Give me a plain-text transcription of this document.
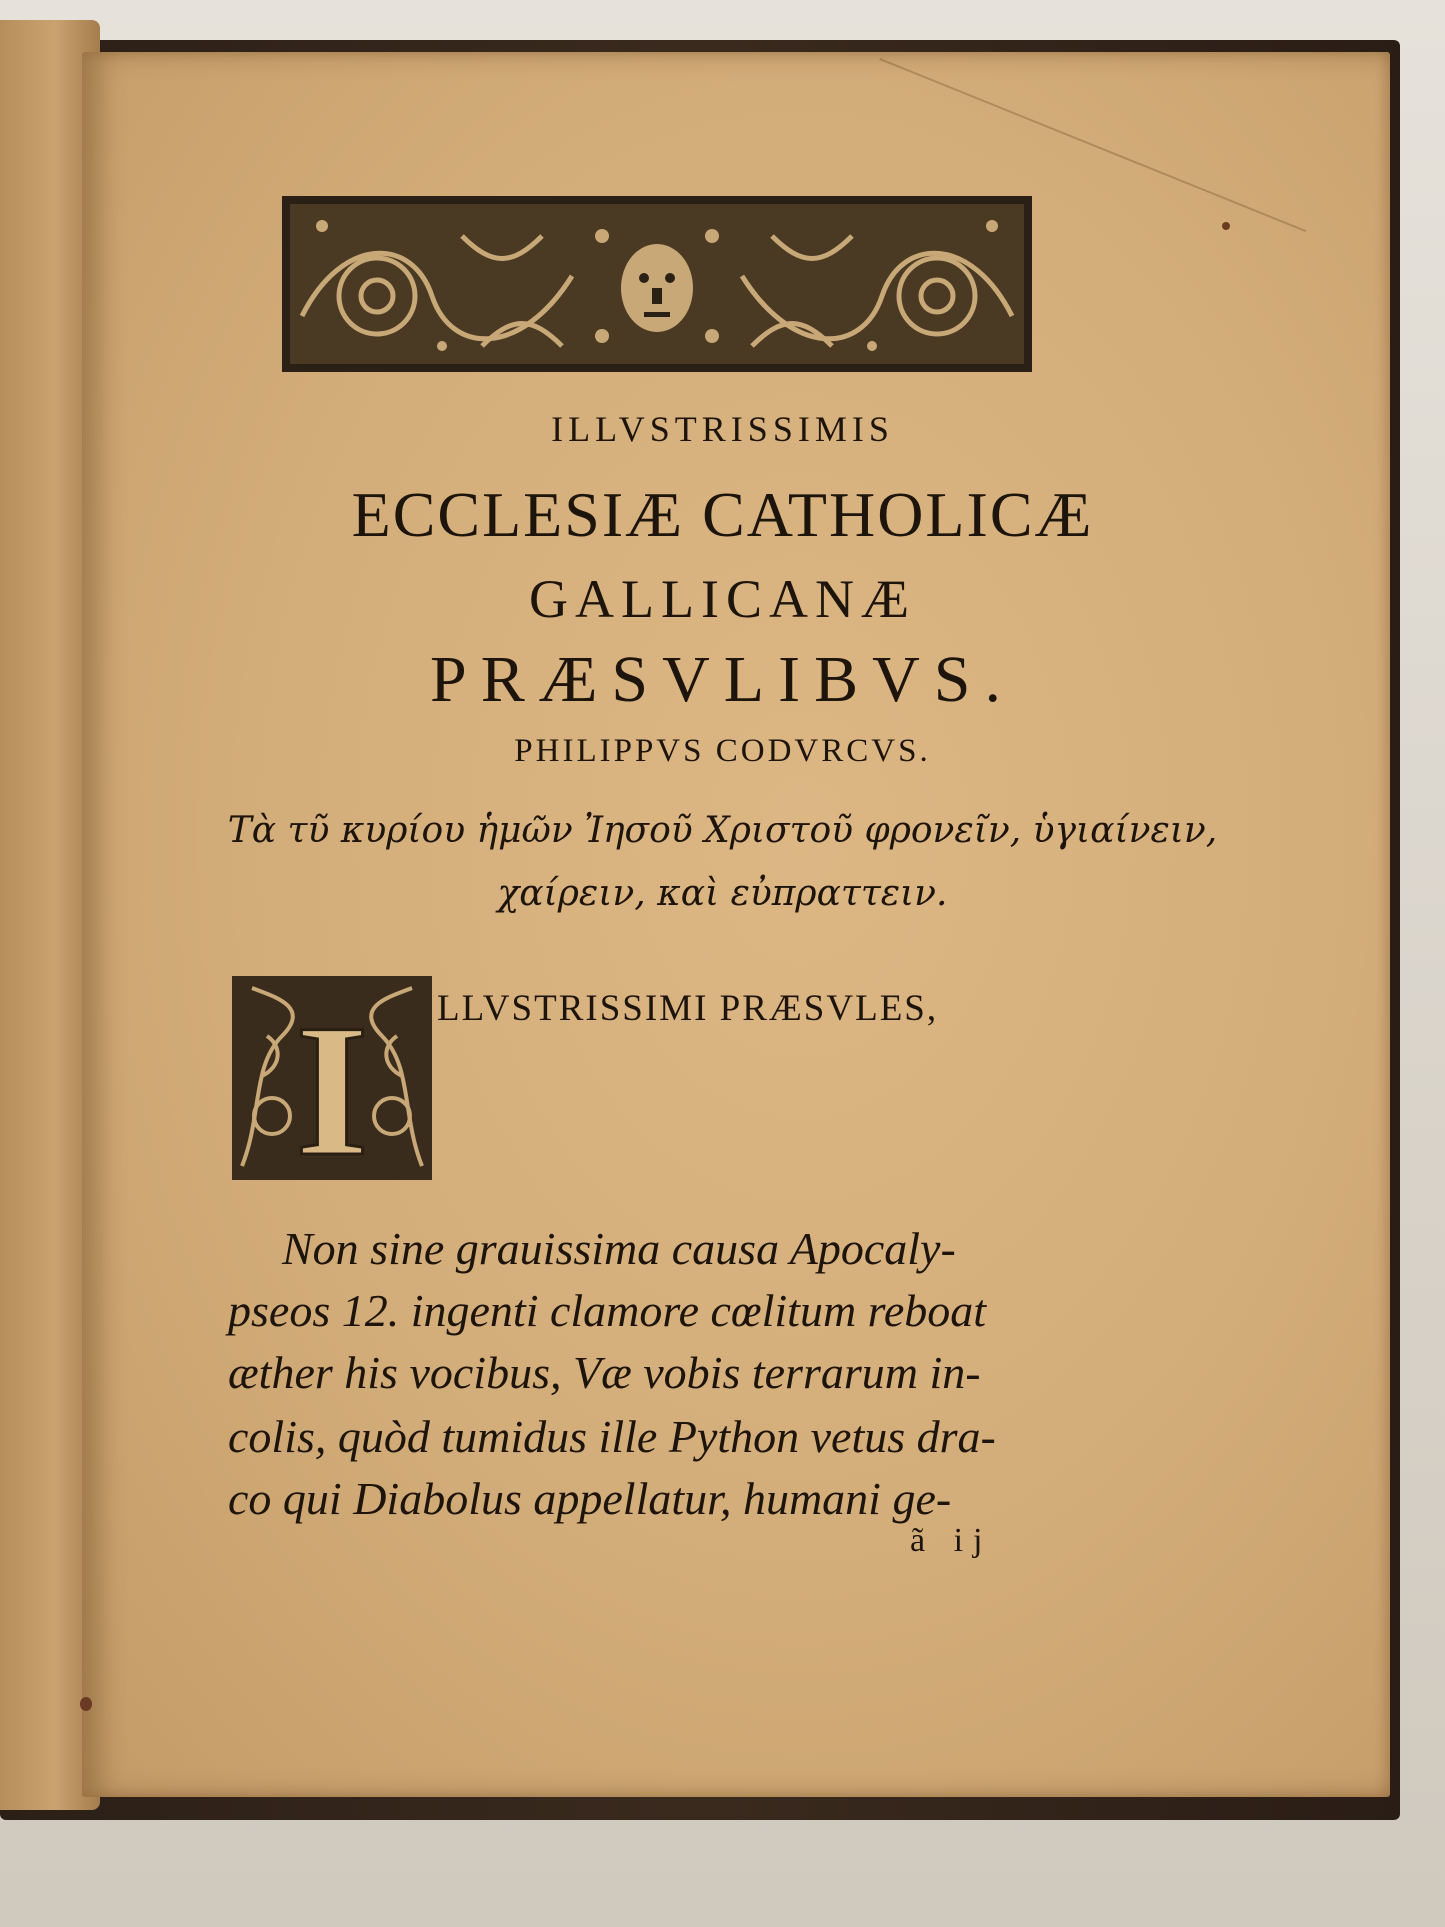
ILLVSTRISSIMIS
ECCLESIÆ CATHOLICÆ
GALLICANÆ
PRÆSVLIBVS.
PHILIPPVS CODVRCVS.
Τὰ τῦ κυρίου ἡμῶν Ἰησοῦ Χριστοῦ φρονεῖν, ὑγιαίνειν,
χαίρειν, καὶ εὐπραττειν.
I LLVSTRISSIMI PRÆSVLES,
Non sine grauissima causa Apocaly-
pseos 12. ingenti clamore cœlitum reboat
æther his vocibus, Væ vobis terrarum in-
colis, quòd tumidus ille Python vetus dra-
co qui Diabolus appellatur, humani ge-
ã ij
